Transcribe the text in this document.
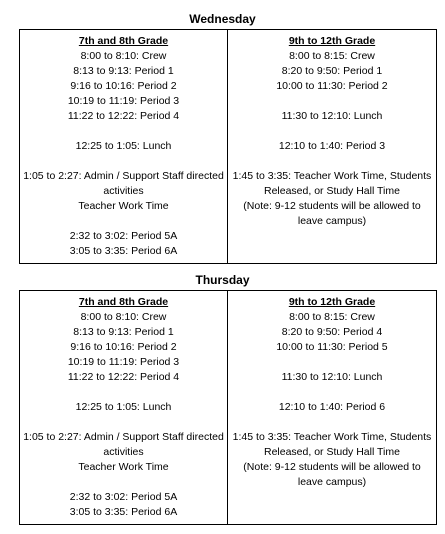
Wednesday
7th and 8th Grade
8:00 to 8:10: Crew
8:13 to 9:13: Period 1
9:16 to 10:16: Period 2
10:19 to 11:19: Period 3
11:22 to 12:22: Period 4
12:25 to 1:05: Lunch
1:05 to 2:27: Admin / Support Staff directed activities
Teacher Work Time
2:32 to 3:02: Period 5A
3:05 to 3:35: Period 6A

9th to 12th Grade
8:00 to 8:15: Crew
8:20 to 9:50: Period 1
10:00 to 11:30: Period 2
11:30 to 12:10: Lunch
12:10 to 1:40: Period 3
1:45 to 3:35: Teacher Work Time, Students Released, or Study Hall Time
(Note: 9-12 students will be allowed to leave campus)
Thursday
7th and 8th Grade
8:00 to 8:10: Crew
8:13 to 9:13: Period 1
9:16 to 10:16: Period 2
10:19 to 11:19: Period 3
11:22 to 12:22: Period 4
12:25 to 1:05: Lunch
1:05 to 2:27: Admin / Support Staff directed activities
Teacher Work Time
2:32 to 3:02: Period 5A
3:05 to 3:35: Period 6A

9th to 12th Grade
8:00 to 8:15: Crew
8:20 to 9:50: Period 4
10:00 to 11:30: Period 5
11:30 to 12:10: Lunch
12:10 to 1:40: Period 6
1:45 to 3:35: Teacher Work Time, Students Released, or Study Hall Time
(Note: 9-12 students will be allowed to leave campus)
